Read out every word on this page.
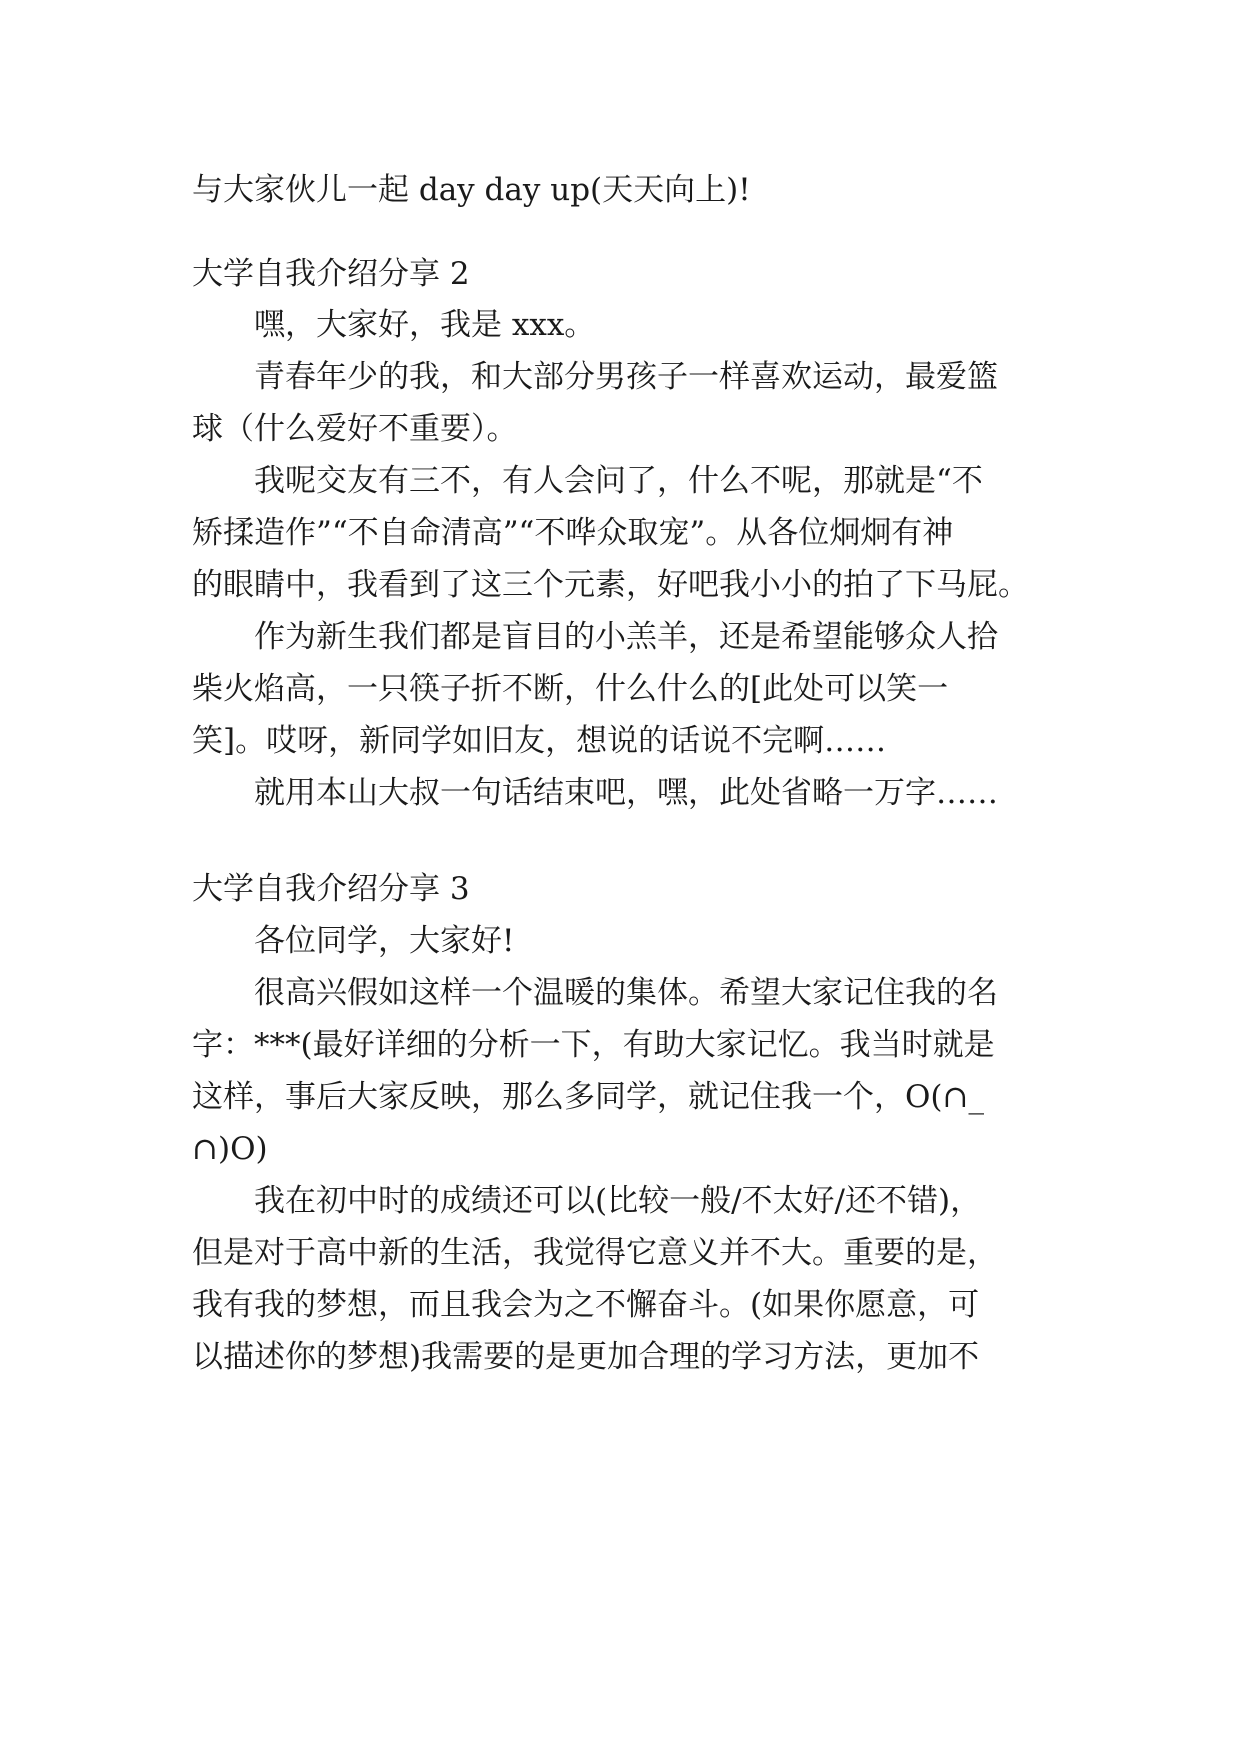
与大家伙儿一起 day day up(天天向上)!
大学自我介绍分享 2
嘿，大家好，我是 xxx。
青春年少的我，和大部分男孩子一样喜欢运动，最爱篮
球（什么爱好不重要）。
我呢交友有三不，有人会问了，什么不呢，那就是“不
矫揉造作”“不自命清高”“不哗众取宠”。从各位炯炯有神
的眼睛中，我看到了这三个元素，好吧我小小的拍了下马屁。
作为新生我们都是盲目的小羔羊，还是希望能够众人拾
柴火焰高，一只筷子折不断，什么什么的[此处可以笑一
笑]。哎呀，新同学如旧友，想说的话说不完啊……
就用本山大叔一句话结束吧，嘿，此处省略一万字……
大学自我介绍分享 3
各位同学，大家好!
很高兴假如这样一个温暖的集体。希望大家记住我的名
字：***(最好详细的分析一下，有助大家记忆。我当时就是
这样，事后大家反映，那么多同学，就记住我一个，O(∩_
∩)O)
我在初中时的成绩还可以(比较一般/不太好/还不错)，
但是对于高中新的生活，我觉得它意义并不大。重要的是，
我有我的梦想，而且我会为之不懈奋斗。(如果你愿意，可
以描述你的梦想)我需要的是更加合理的学习方法，更加不
